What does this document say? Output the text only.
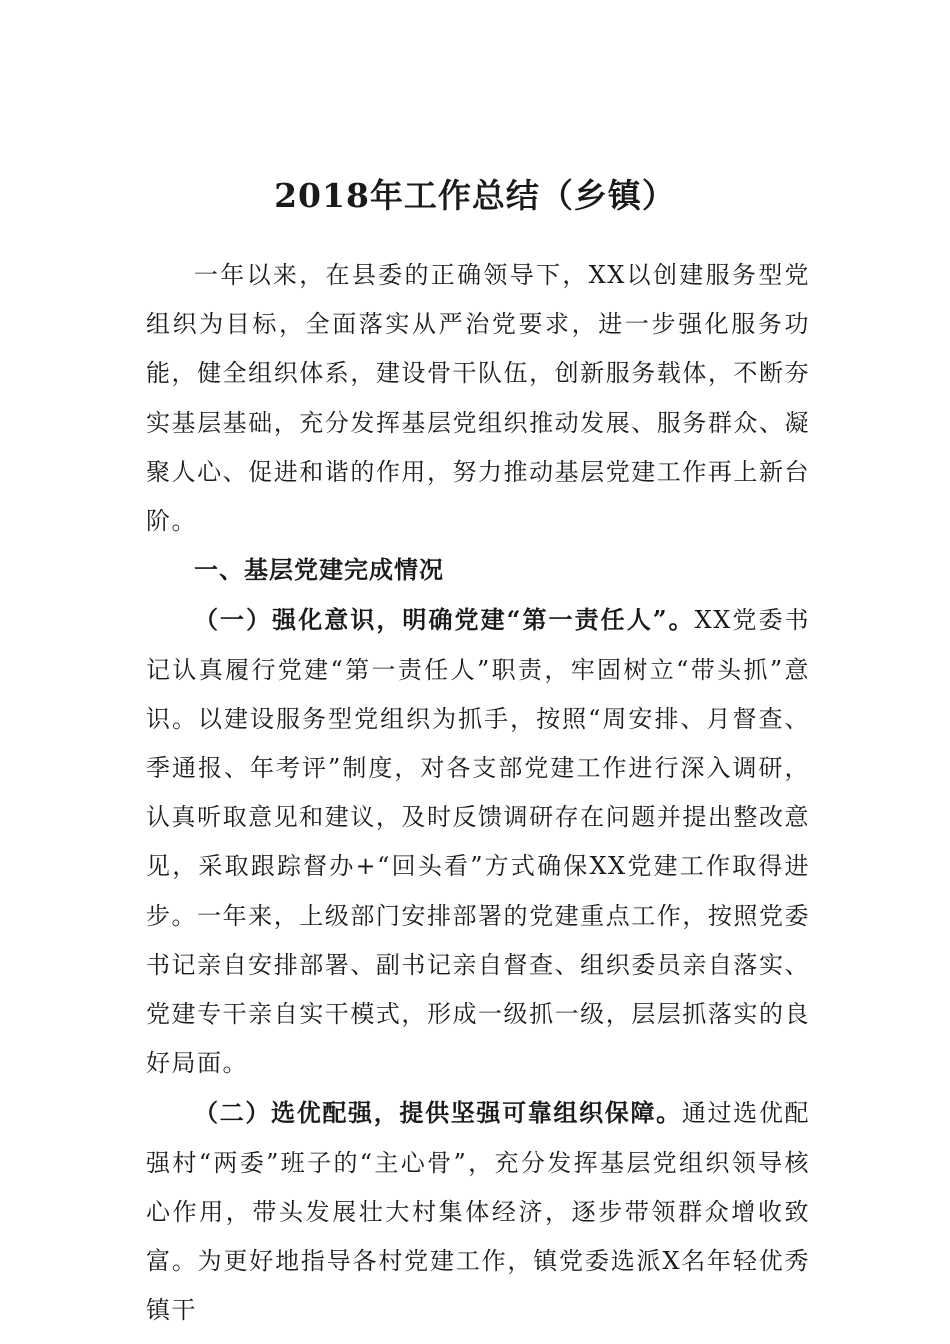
2018年工作总结（乡镇）

一年以来，在县委的正确领导下，XX以创建服务型党组织为目标，全面落实从严治党要求，进一步强化服务功能，健全组织体系，建设骨干队伍，创新服务载体，不断夯实基层基础，充分发挥基层党组织推动发展、服务群众、凝聚人心、促进和谐的作用，努力推动基层党建工作再上新台阶。

一、基层党建完成情况

（一）强化意识，明确党建“第一责任人”。XX党委书记认真履行党建“第一责任人”职责，牢固树立“带头抓”意识。以建设服务型党组织为抓手，按照“周安排、月督查、季通报、年考评”制度，对各支部党建工作进行深入调研，认真听取意见和建议，及时反馈调研存在问题并提出整改意见，采取跟踪督办+“回头看”方式确保XX党建工作取得进步。一年来，上级部门安排部署的党建重点工作，按照党委书记亲自安排部署、副书记亲自督查、组织委员亲自落实、党建专干亲自实干模式，形成一级抓一级，层层抓落实的良好局面。

（二）选优配强，提供坚强可靠组织保障。通过选优配强村“两委”班子的“主心骨”，充分发挥基层党组织领导核心作用，带头发展壮大村集体经济，逐步带领群众增收致富。为更好地指导各村党建工作，镇党委选派X名年轻优秀镇干
